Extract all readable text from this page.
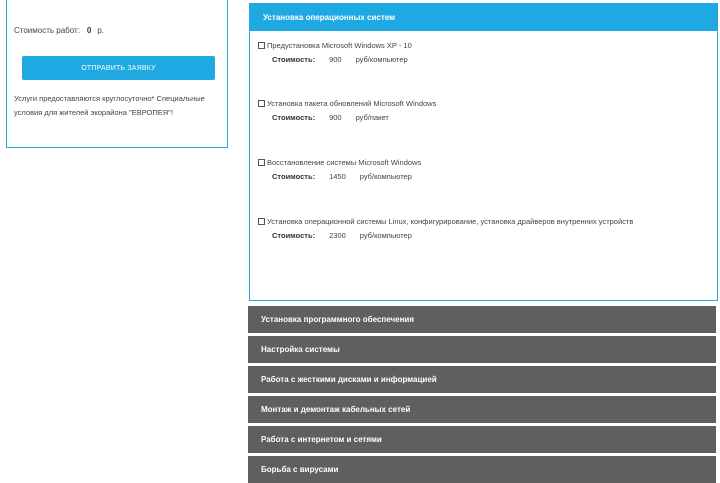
Стоимость работ: 0 р.
ОТПРАВИТЬ ЗАЯВКУ
Услуги предоставляются круглосуточно* Специальные условия для жителей экорайона "ЕВРОПЕЯ"!
Установка операционных систем
Предустановка Microsoft Windows XP - 10
Стоимость: 900 руб/компьютер
Установка пакета обновлений Microsoft Windows
Стоимость: 900 руб/пакет
Восстановление системы Microsoft Windows
Стоимость: 1450 руб/компьютер
Установка операционной системы Linux, конфигурирование, установка драйверов внутренних устройств
Стоимость: 2300 руб/компьютер
Установка программного обеспечения
Настройка системы
Работа с жесткими дисками и информацией
Монтаж и демонтаж кабельных сетей
Работа с интернетом и сетями
Борьба с вирусами
